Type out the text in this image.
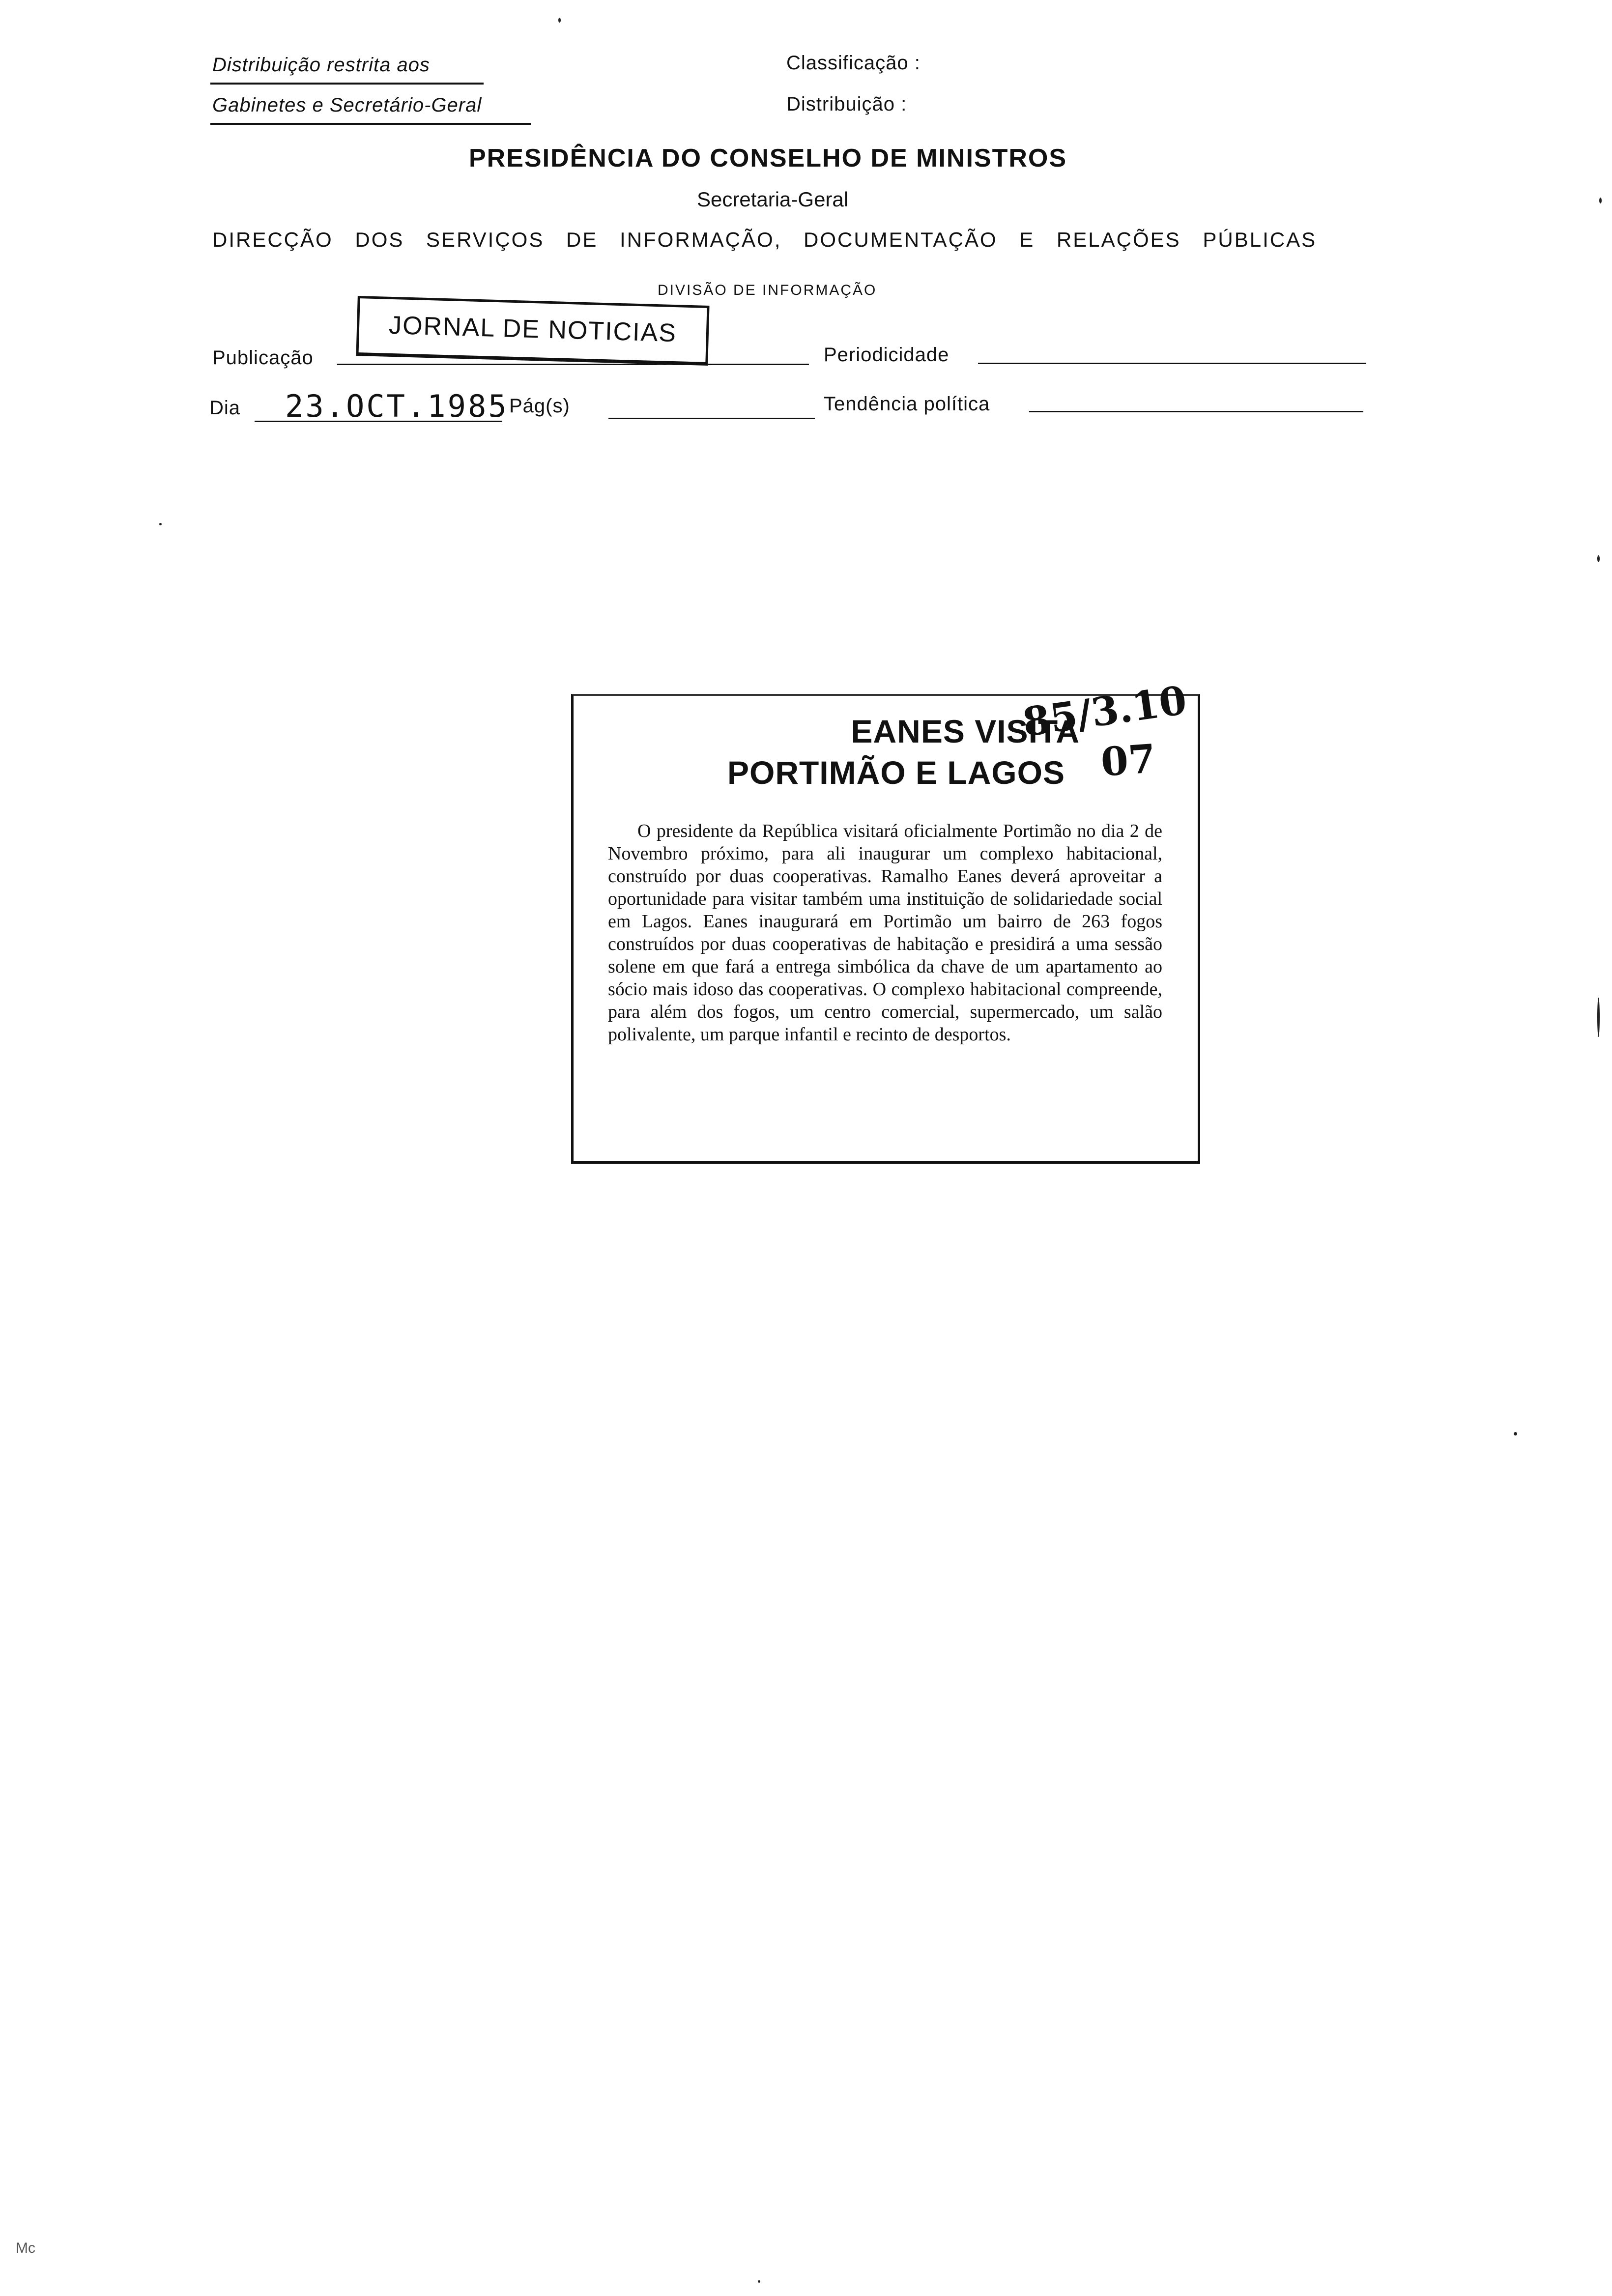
Distribuição restrita aos
Gabinetes e Secretário-Geral
Classificação :
Distribuição :
PRESIDÊNCIA DO CONSELHO DE MINISTROS
Secretaria-Geral
DIRECÇÃO DOS SERVIÇOS DE INFORMAÇÃO, DOCUMENTAÇÃO E RELAÇÕES PÚBLICAS
DIVISÃO DE INFORMAÇÃO
Publicação
JORNAL DE NOTICIAS
Periodicidade
Dia 23.OCT.1985 Pág(s)	Tendência política
EANES VISITA
PORTIMÃO E LAGOS

O presidente da República visitará oficialmente Portimão no dia 2 de Novembro próximo, para ali inaugurar um complexo habitacional, construído por duas cooperativas. Ramalho Eanes deverá aproveitar a oportunidade para visitar também uma instituição de solidariedade social em Lagos. Eanes inaugurará em Portimão um bairro de 263 fogos construídos por duas cooperativas de habitação e presidirá a uma sessão solene em que fará a entrega simbólica da chave de um apartamento ao sócio mais idoso das cooperativas. O complexo habitacional compreende, para além dos fogos, um centro comercial, supermercado, um salão polivalente, um parque infantil e recinto de desportos.

85/3.10
07
Mc
